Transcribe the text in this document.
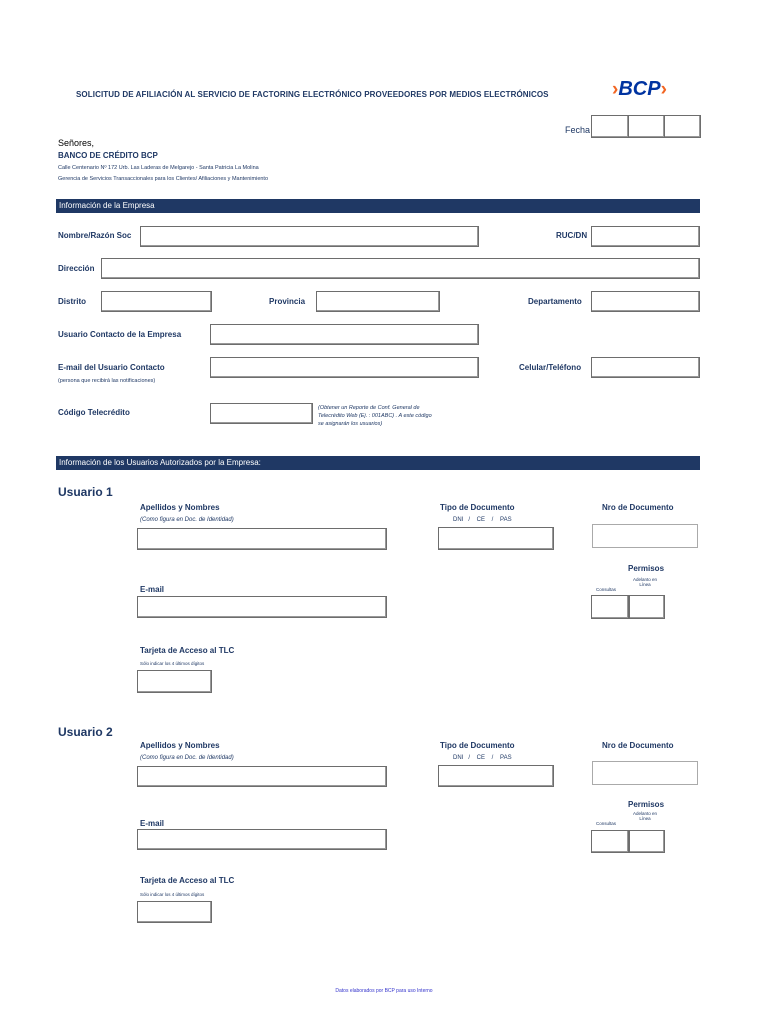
SOLICITUD DE AFILIACIÓN AL SERVICIO DE FACTORING ELECTRÓNICO PROVEEDORES POR MEDIOS ELECTRÓNICOS	› BCP ›
Fecha
Señores,
BANCO DE CRÉDITO BCP
Calle Centenario Nº 172 Urb. Las Laderas de Melgarejo - Santa Patricia La Molina
Gerencia de Servicios Transaccionales para los Clientes/ Afiliaciones y Mantenimiento
Información de la Empresa
Nombre/Razón Soc	RUC/DN
Dirección
Distrito	Provincia	Departamento
Usuario Contacto de la Empresa
E-mail del Usuario Contacto
(persona que recibirá las notificaciones)
Celular/Teléfono
Código Telecrédito	(Obtener un Reporte de Conf. General de Telecrédito Web (Ej. : 001ABC) . A este código se asignarán los usuarios)
Información de los Usuarios Autorizados por la Empresa:
Usuario 1
Apellidos y Nombres
(Como figura en Doc. de Identidad)
Tipo de Documento
DNI   /    CE    /    PAS
Nro de Documento
Permisos
Adelanto en Línea
Consultas
E-mail
Tarjeta de Acceso al TLC
Sólo indicar los 4 últimos dígitos
Usuario 2
Apellidos y Nombres
(Como figura en Doc. de Identidad)
Tipo de Documento
DNI   /    CE    /    PAS
Nro de Documento
Permisos
Adelanto en Línea
Consultas
E-mail
Tarjeta de Acceso al TLC
Sólo indicar los 4 últimos dígitos
Datos elaborados por BCP para uso Interno
